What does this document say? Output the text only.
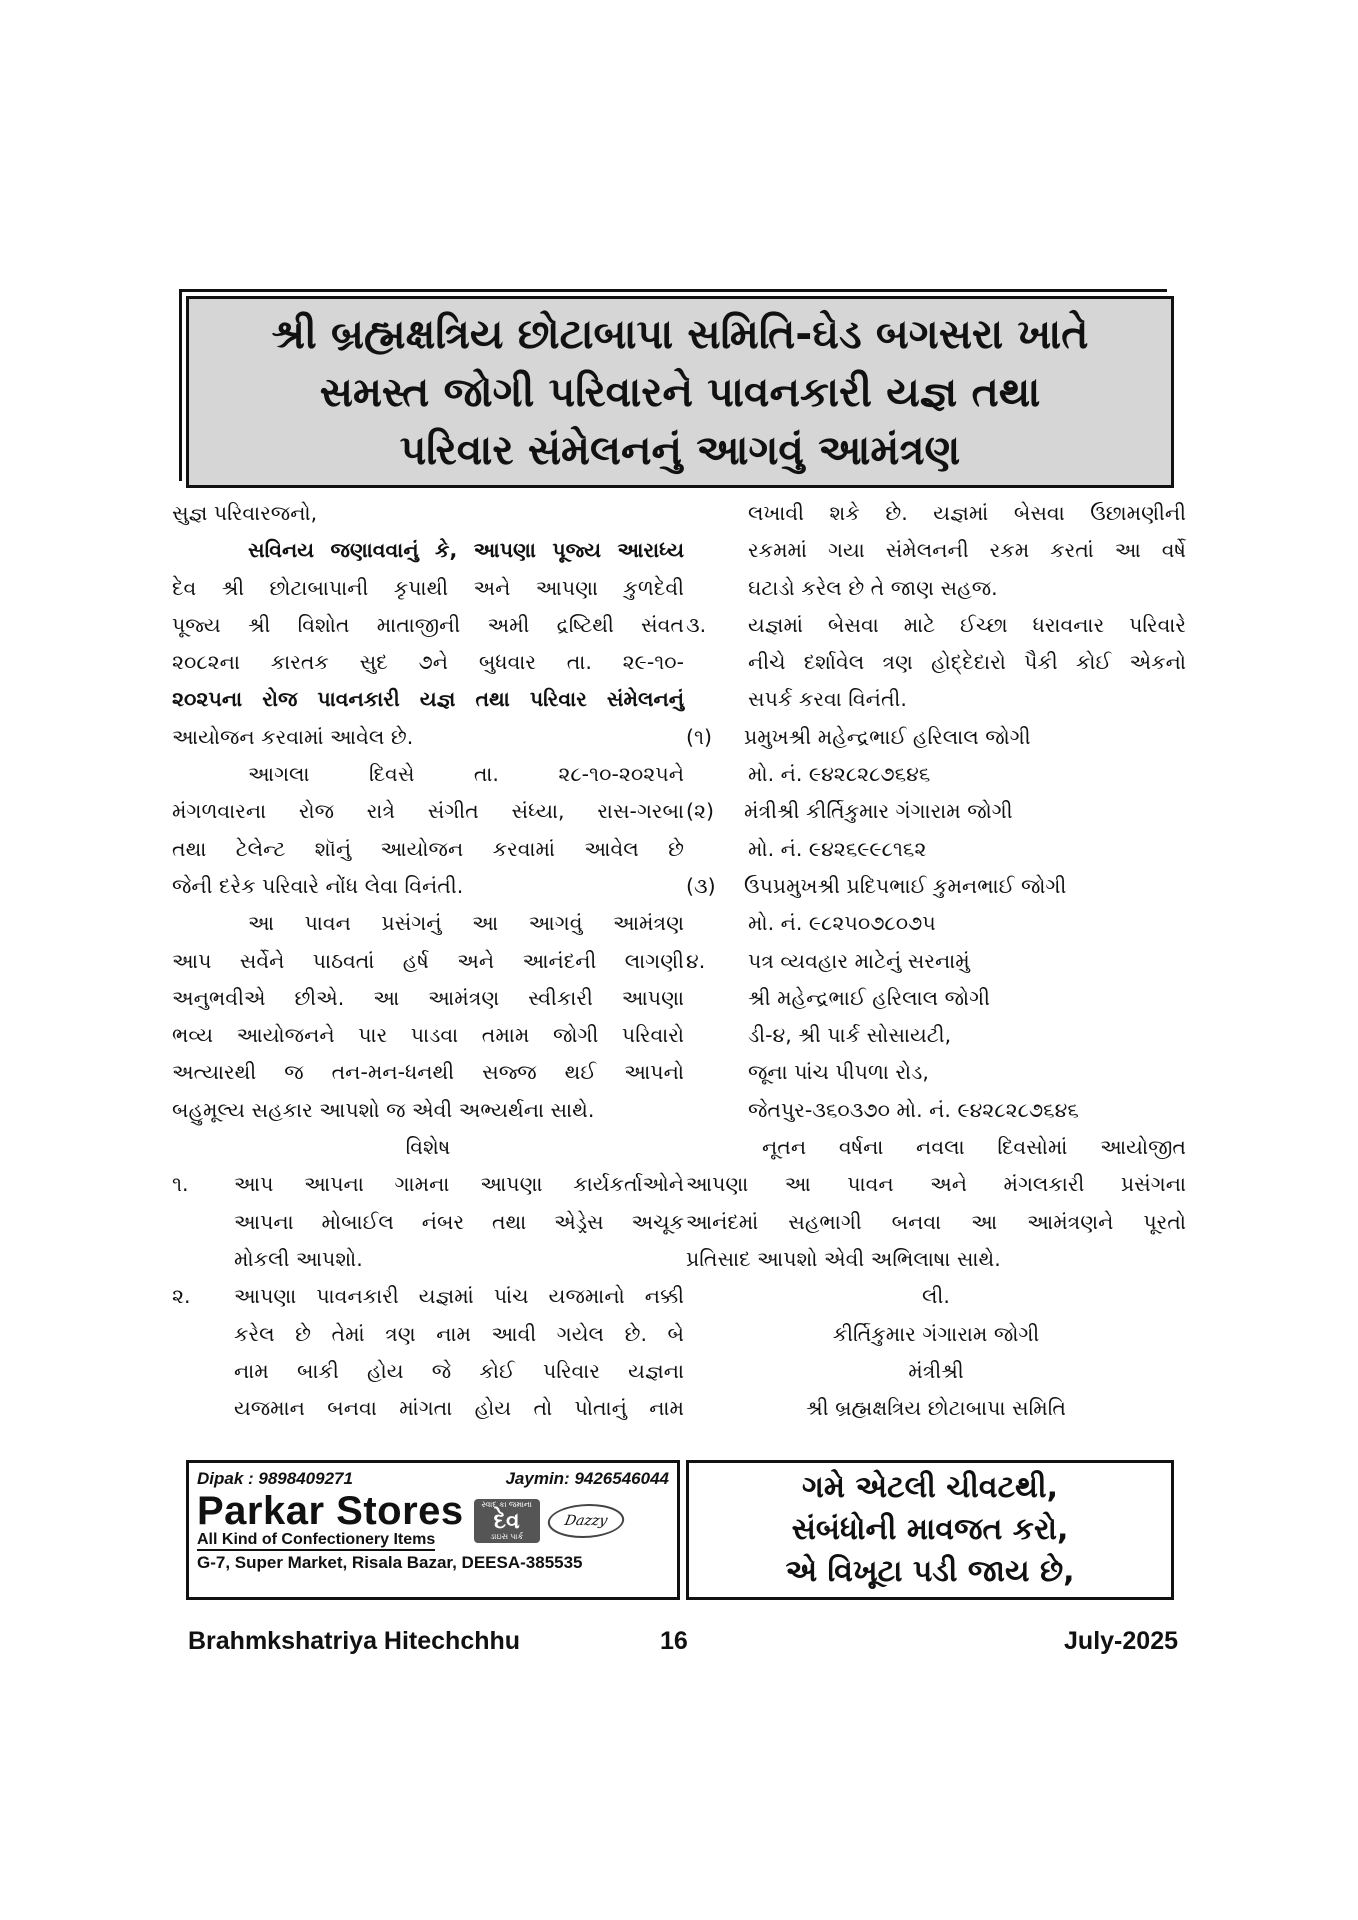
શ્રી બ્રહ્મક્ષત્રિય છોટાબાપા સમિતિ-ઘેડ બગસરા ખાતે
સમસ્ત જોગી પરિવારને પાવનકારી યજ્ઞ તથા
પરિવાર સંમેલનનું આગવું આમંત્રણ

સુજ્ઞ પરિવારજનો,

સવિનય જણાવવાનું કે, આપણા પૂજ્ય આરાધ્ય

દેવ શ્રી છોટાબાપાની કૃપાથી અને આપણા કુળદેવી

પૂજ્ય શ્રી વિશોત માતાજીની અમી દ્રષ્ટિથી સંવત

૨૦૮૨ના કારતક સુદ ૭ને બુધવાર તા. ૨૯-૧૦-

૨૦૨૫ના રોજ પાવનકારી યજ્ઞ તથા પરિવાર સંમેલનનું

આયોજન કરવામાં આવેલ છે.

આગલા દિવસે તા. ૨૮-૧૦-૨૦૨૫ને

મંગળવારના રોજ રાત્રે સંગીત સંધ્યા, રાસ-ગરબા

તથા ટેલેન્ટ શૉનું આયોજન કરવામાં આવેલ છે

જેની દરેક પરિવારે નોંધ લેવા વિનંતી.

આ પાવન પ્રસંગનું આ આગવું આમંત્રણ

આપ સર્વેને પાઠવતાં હર્ષ અને આનંદની લાગણી

અનુભવીએ છીએ. આ આમંત્રણ સ્વીકારી આપણા

ભવ્ય આયોજનને પાર પાડવા તમામ જોગી પરિવારો

અત્યારથી જ તન-મન-ધનથી સજ્જ થઈ આપનો

બહુમૂલ્ય સહકાર આપશો જ એવી અભ્યર્થના સાથે.

વિશેષ

૧.	આપ આપના ગામના આપણા કાર્યકર્તાઓને

આપના મોબાઈલ નંબર તથા એડ્રેસ અચૂક

મોકલી આપશો.

૨.	આપણા પાવનકારી યજ્ઞમાં પાંચ યજમાનો નક્કી

કરેલ છે તેમાં ત્રણ નામ આવી ગયેલ છે. બે

નામ બાકી હોય જે કોઈ પરિવાર યજ્ઞના

યજમાન બનવા માંગતા હોય તો પોતાનું નામ

લખાવી શકે છે. યજ્ઞમાં બેસવા ઉછામણીની

રકમમાં ગયા સંમેલનની રકમ કરતાં આ વર્ષે

ઘટાડો કરેલ છે તે જાણ સહજ.

૩.	યજ્ઞમાં બેસવા માટે ઈચ્છા ધરાવનાર પરિવારે

નીચે દર્શાવેલ ત્રણ હોદ્દેદારો પૈકી કોઈ એકનો

સપર્ક કરવા વિનંતી.

(૧)	પ્રમુખશ્રી મહેન્દ્રભાઈ હરિલાલ જોગી

મો. નં. ૯૪૨૮૨૮૭૬૪૬

(૨)	મંત્રીશ્રી કીર્તિકુમાર ગંગારામ જોગી

મો. નં. ૯૪૨૬૯૯૮૧૬૨

(૩)	ઉપપ્રમુખશ્રી પ્રદિપભાઈ કુમનભાઈ જોગી

મો. નં. ૯૮૨૫૦૭૮૦૭૫

૪.	પત્ર વ્યવહાર માટેનું સરનામું

શ્રી મહેન્દ્રભાઈ હરિલાલ જોગી

ડી-૪, શ્રી પાર્ક સોસાયટી,

જૂના પાંચ પીપળા રોડ,

જેતપુર-૩૬૦૩૭૦ મો. નં. ૯૪૨૮૨૮૭૬૪૬

નૂતન વર્ષના નવલા દિવસોમાં આયોજીત

આપણા આ પાવન અને મંગલકારી પ્રસંગના

આનંદમાં સહભાગી બનવા આ આમંત્રણને પૂરતો

પ્રતિસાદ આપશો એવી અભિલાષા સાથે.

લી.

કીર્તિકુમાર ગંગારામ જોગી

મંત્રીશ્રી

શ્રી બ્રહ્મક્ષત્રિય છોટાબાપા સમિતિ

Dipak : 9898409271	Jaymin: 9426546044
Parkar Stores
All Kind of Confectionery Items
સ્વાદ કા જમાના
દેવ
ડાઇસ પાર્ક
Dazzy
G-7, Super Market, Risala Bazar, DEESA-385535
ગમે એટલી ચીવટથી,
સંબંધોની માવજત કરો,
એ વિખૂટા પડી જાય છે,
Brahmkshatriya Hitechchhu	16	July-2025
